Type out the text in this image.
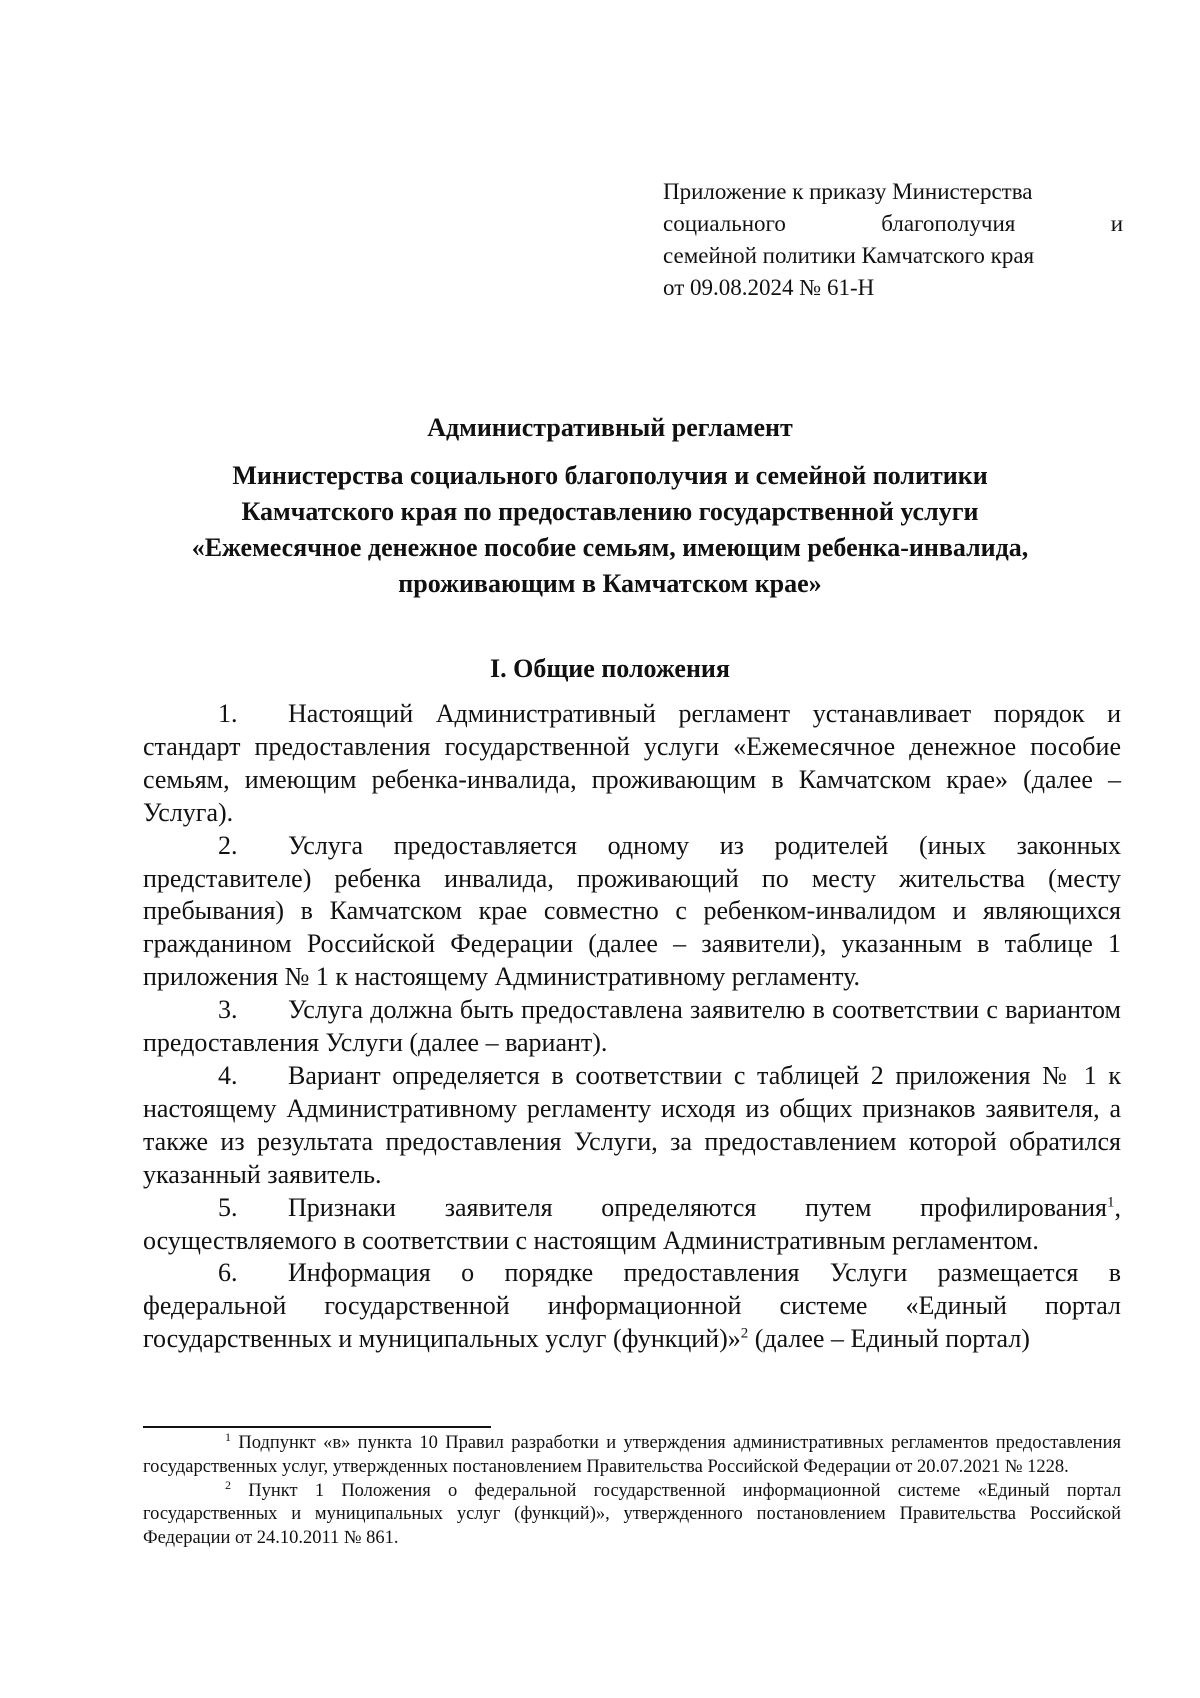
Приложение к приказу Министерства
социального	благополучия	и
семейной политики Камчатского края
от 09.08.2024 № 61-Н
Административный регламент
Министерства социального благополучия и семейной политики
Камчатского края по предоставлению государственной услуги
«Ежемесячное денежное пособие семьям, имеющим ребенка-инвалида,
проживающим в Камчатском крае»
I. Общие положения
1. Настоящий Административный регламент устанавливает порядок и стандарт предоставления государственной услуги «Ежемесячное денежное пособие семьям, имеющим ребенка-инвалида, проживающим в Камчатском крае» (далее – Услуга).
2. Услуга предоставляется одному из родителей (иных законных представителе) ребенка инвалида, проживающий по месту жительства (месту пребывания) в Камчатском крае совместно с ребенком-инвалидом и являющихся гражданином Российской Федерации (далее – заявители), указанным в таблице 1 приложения № 1 к настоящему Административному регламенту.
3. Услуга должна быть предоставлена заявителю в соответствии с вариантом предоставления Услуги (далее – вариант).
4. Вариант определяется в соответствии с таблицей 2 приложения № 1 к настоящему Административному регламенту исходя из общих признаков заявителя, а также из результата предоставления Услуги, за предоставлением которой обратился указанный заявитель.
5. Признаки заявителя определяются путем профилирования$^1$, осуществляемого в соответствии с настоящим Административным регламентом.
6. Информация о порядке предоставления Услуги размещается в федеральной государственной информационной системе «Единый портал государственных и муниципальных услуг (функций)»$^2$ (далее – Единый портал)
$^1$ Подпункт «в» пункта 10 Правил разработки и утверждения административных регламентов предоставления государственных услуг, утвержденных постановлением Правительства Российской Федерации от 20.07.2021 № 1228.
$^2$ Пункт 1 Положения о федеральной государственной информационной системе «Единый портал государственных и муниципальных услуг (функций)», утвержденного постановлением Правительства Российской Федерации от 24.10.2011 № 861.
